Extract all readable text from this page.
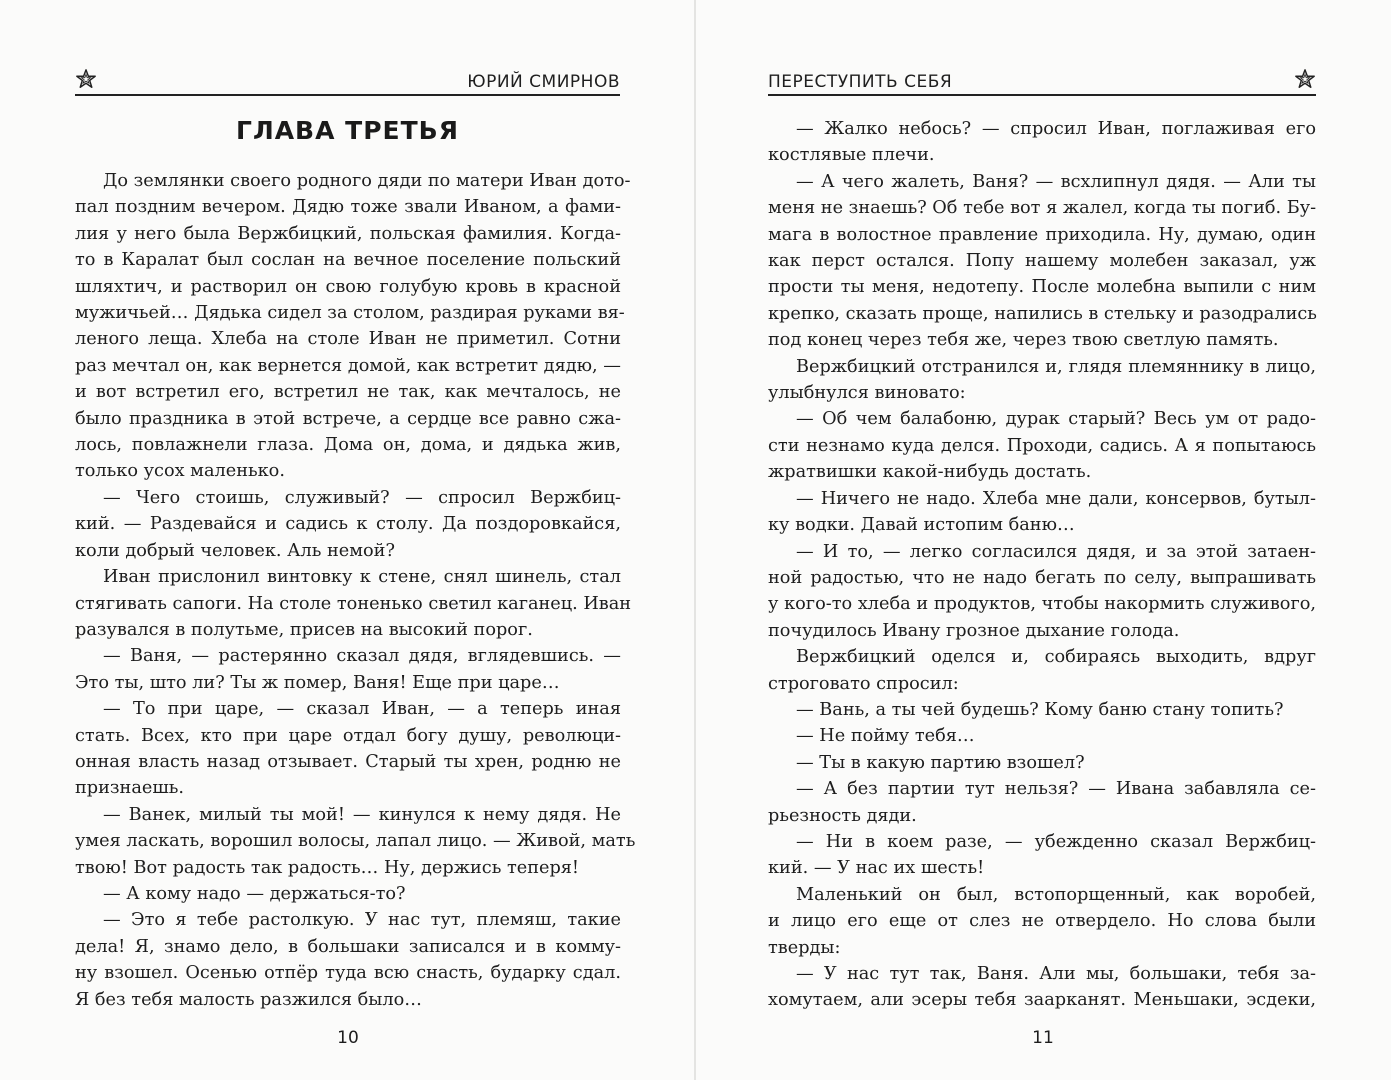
ЮРИЙ СМИРНОВ
ГЛАВА ТРЕТЬЯ
До землянки своего родного дяди по матери Иван дото-
пал поздним вечером. Дядю тоже звали Иваном, а фами-
лия у него была Вержбицкий, польская фамилия. Когда-
то в Каралат был сослан на вечное поселение польский
шляхтич, и растворил он свою голубую кровь в красной
мужичьей… Дядька сидел за столом, раздирая руками вя-
леного леща. Хлеба на столе Иван не приметил. Сотни
раз мечтал он, как вернется домой, как встретит дядю, —
и вот встретил его, встретил не так, как мечталось, не
было праздника в этой встрече, а сердце все равно сжа-
лось, повлажнели глаза. Дома он, дома, и дядька жив,
только усох маленько.
— Чего стоишь, служивый? — спросил Вержбиц-
кий. — Раздевайся и садись к столу. Да поздоровкайся,
коли добрый человек. Аль немой?
Иван прислонил винтовку к стене, снял шинель, стал
стягивать сапоги. На столе тоненько светил каганец. Иван
разувался в полутьме, присев на высокий порог.
— Ваня, — растерянно сказал дядя, вглядевшись. —
Это ты, што ли? Ты ж помер, Ваня! Еще при царе…
— То при царе, — сказал Иван, — а теперь иная
стать. Всех, кто при царе отдал богу душу, революци-
онная власть назад отзывает. Старый ты хрен, родню не
признаешь.
— Ванек, милый ты мой! — кинулся к нему дядя. Не
умея ласкать, ворошил волосы, лапал лицо. — Живой, мать
твою! Вот радость так радость… Ну, держись теперя!
— А кому надо — держаться-то?
— Это я тебе растолкую. У нас тут, племяш, такие
дела! Я, знамо дело, в большаки записался и в комму-
ну взошел. Осенью отпёр туда всю снасть, бударку сдал.
Я без тебя малость разжился было…
10
ПЕРЕСТУПИТЬ СЕБЯ
— Жалко небось? — спросил Иван, поглаживая его
костлявые плечи.
— А чего жалеть, Ваня? — всхлипнул дядя. — Али ты
меня не знаешь? Об тебе вот я жалел, когда ты погиб. Бу-
мага в волостное правление приходила. Ну, думаю, один
как перст остался. Попу нашему молебен заказал, уж
прости ты меня, недотепу. После молебна выпили с ним
крепко, сказать проще, напились в стельку и разодрались
под конец через тебя же, через твою светлую память.
Вержбицкий отстранился и, глядя племяннику в лицо,
улыбнулся виновато:
— Об чем балабоню, дурак старый? Весь ум от радо-
сти незнамо куда делся. Проходи, садись. А я попытаюсь
жратвишки какой-нибудь достать.
— Ничего не надо. Хлеба мне дали, консервов, бутыл-
ку водки. Давай истопим баню…
— И то, — легко согласился дядя, и за этой затаен-
ной радостью, что не надо бегать по селу, выпрашивать
у кого-то хлеба и продуктов, чтобы накормить служивого,
почудилось Ивану грозное дыхание голода.
Вержбицкий оделся и, собираясь выходить, вдруг
строговато спросил:
— Вань, а ты чей будешь? Кому баню стану топить?
— Не пойму тебя…
— Ты в какую партию взошел?
— А без партии тут нельзя? — Ивана забавляла се-
рьезность дяди.
— Ни в коем разе, — убежденно сказал Вержбиц-
кий. — У нас их шесть!
Маленький он был, встопорщенный, как воробей,
и лицо его еще от слез не отвердело. Но слова были
тверды:
— У нас тут так, Ваня. Али мы, большаки, тебя за-
хомутаем, али эсеры тебя заарканят. Меньшаки, эсдеки,
11
